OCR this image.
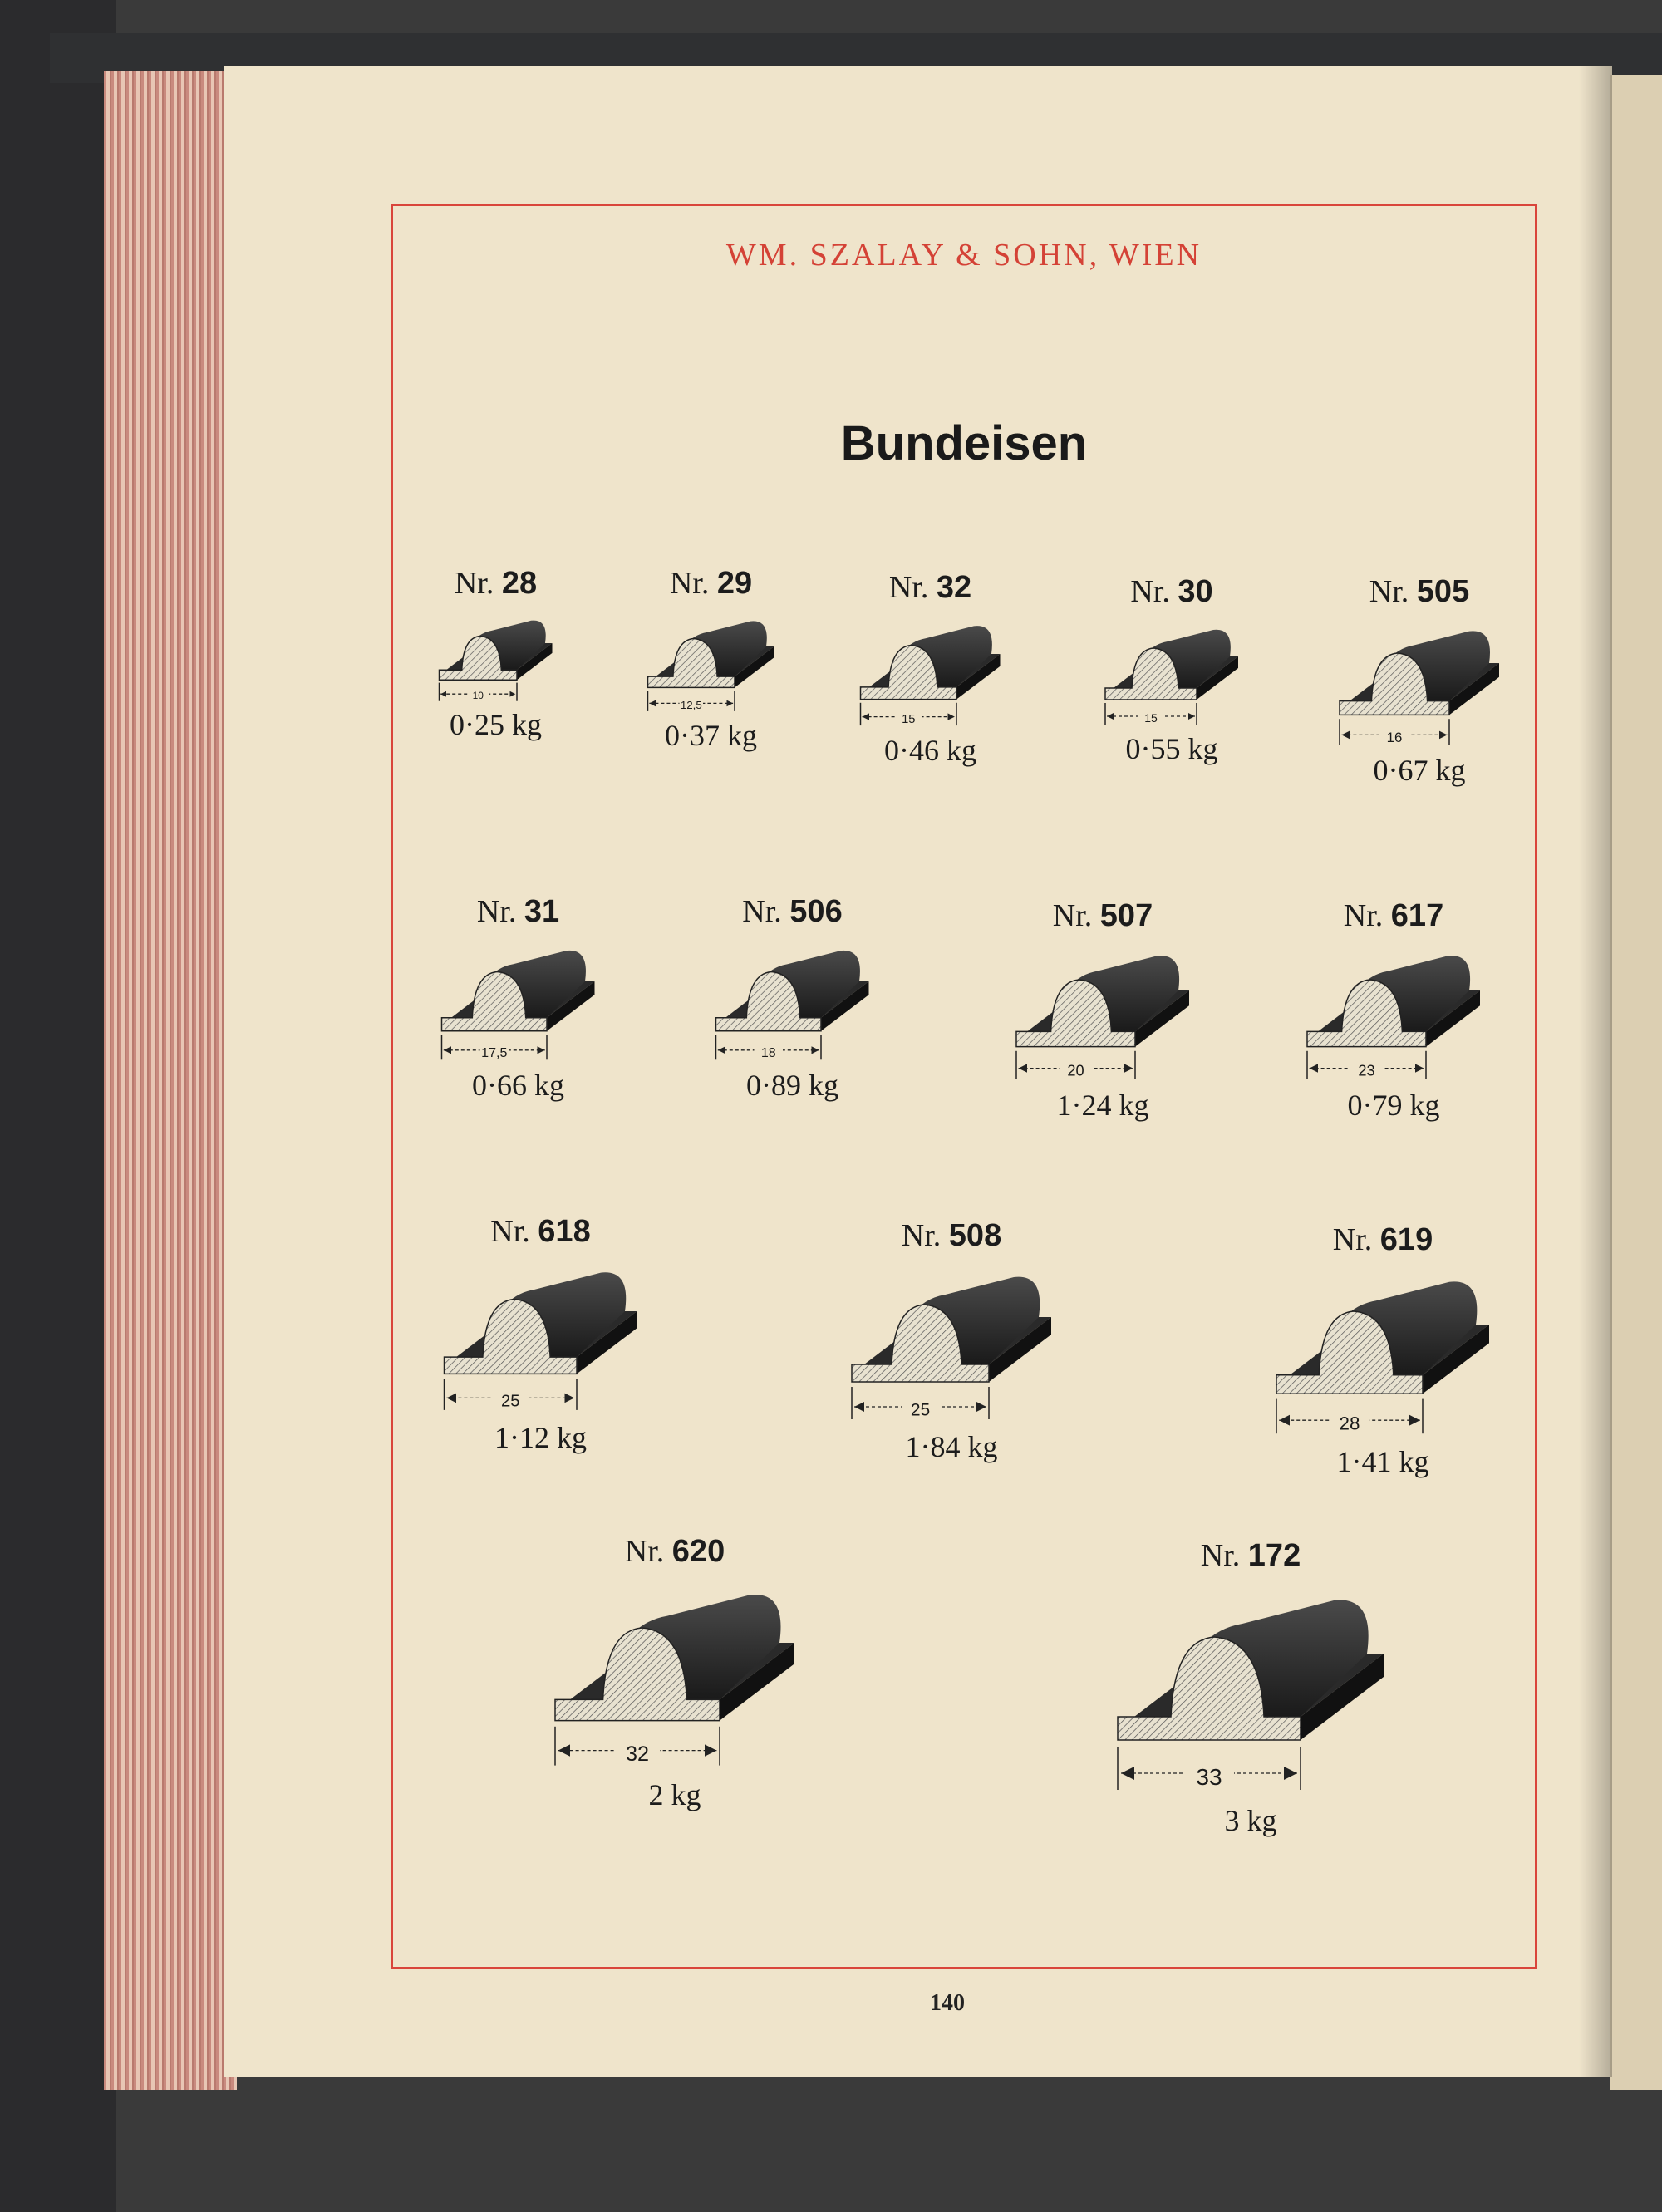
WM. SZALAY & SOHN, WIEN
Bundeisen
Nr. 28
10
0·25 kg
Nr. 29
12,5
0·37 kg
Nr. 32
15
0·46 kg
Nr. 30
15
0·55 kg
Nr. 505
16
0·67 kg
Nr. 31
17,5
0·66 kg
Nr. 506
18
0·89 kg
Nr. 507
20
1·24 kg
Nr. 617
23
0·79 kg
Nr. 618
25
1·12 kg
Nr. 508
25
1·84 kg
Nr. 619
28
1·41 kg
Nr. 620
32
2 kg
Nr. 172
33
3 kg
140
